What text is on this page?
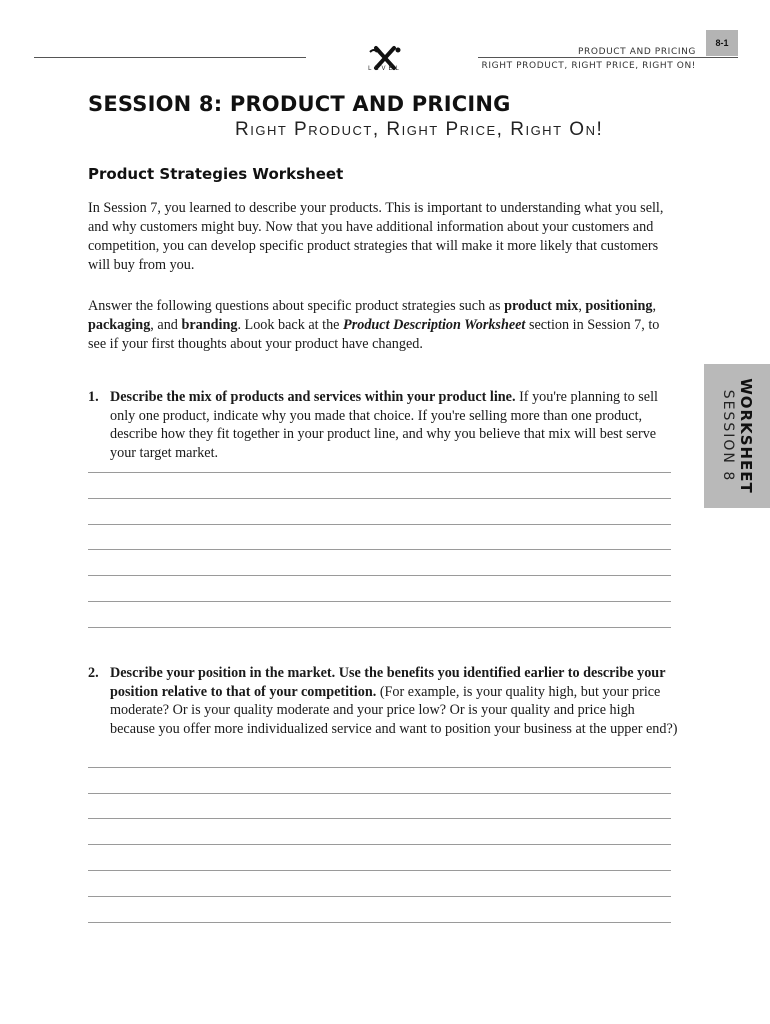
LEVEL
PRODUCT AND PRICING
RIGHT PRODUCT, RIGHT PRICE, RIGHT ON!
8-1
SESSION 8: PRODUCT AND PRICING
Right Product, Right Price, Right On!
Product Strategies Worksheet
In Session 7, you learned to describe your products. This is important to understanding what you sell, and why customers might buy. Now that you have additional information about your customers and competition, you can develop specific product strategies that will make it more likely that customers will buy from you.
Answer the following questions about specific product strategies such as product mix, positioning, packaging, and branding. Look back at the Product Description Worksheet section in Session 7, to see if your first thoughts about your product have changed.
1. Describe the mix of products and services within your product line. If you're planning to sell only one product, indicate why you made that choice. If you're selling more than one product, describe how they fit together in your product line, and why you believe that mix will best serve your target market.
2. Describe your position in the market. Use the benefits you identified earlier to describe your position relative to that of your competition. (For example, is your quality high, but your price moderate? Or is your quality moderate and your price low? Or is your quality and price high because you offer more individualized service and want to position your business at the upper end?)
WORKSHEET
SESSION 8
